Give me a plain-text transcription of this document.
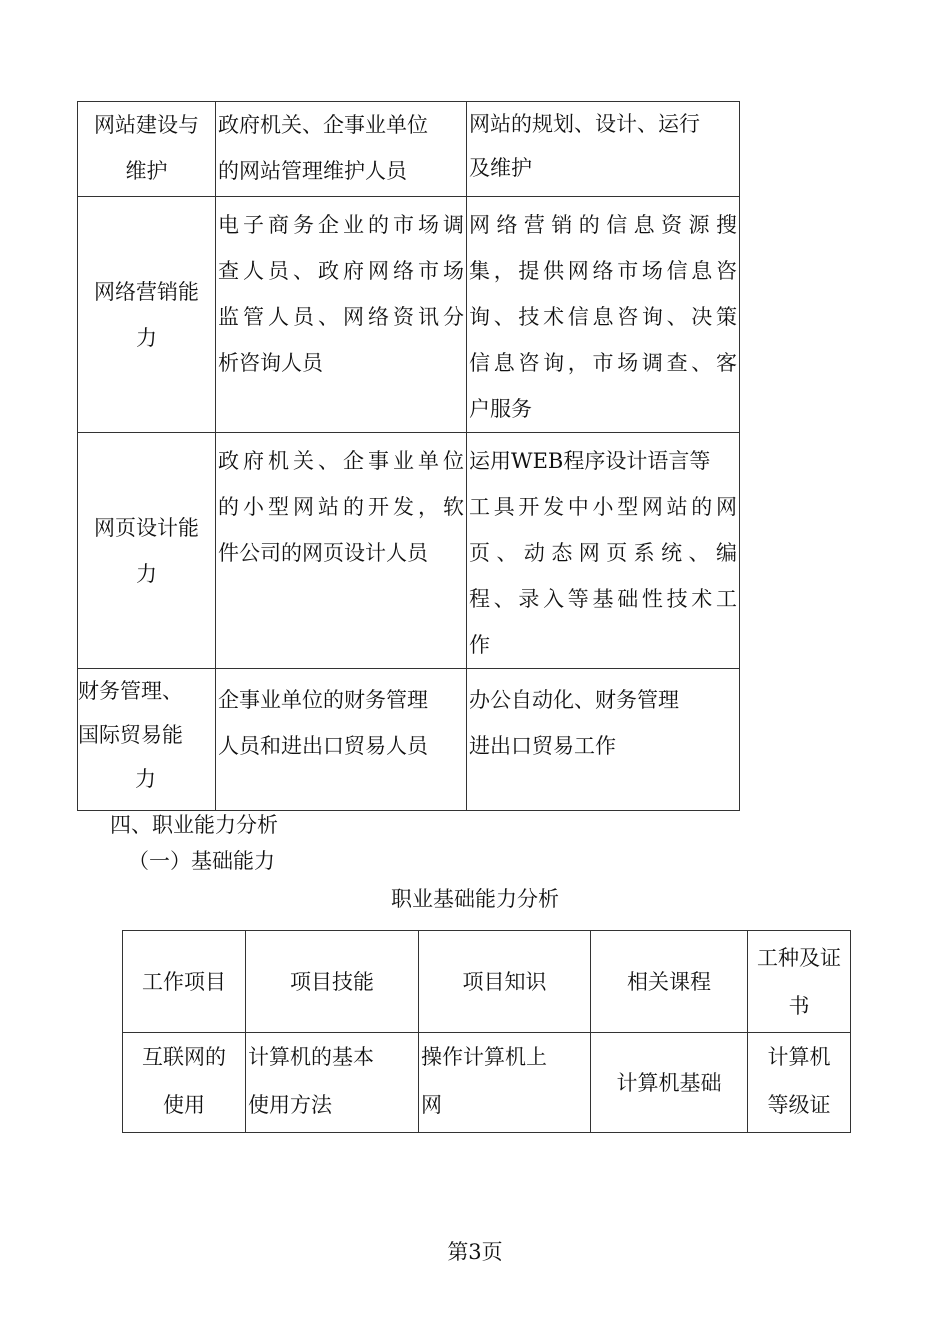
网站建设与
维护	政府机关、企事业单位
的网站管理维护人员	网站的规划、设计、运行
及维护

网络营销能
力	电子商务企业的市场调
查人员、政府网络市场
监管人员、网络资讯分
析咨询人员	网络营销的信息资源搜
集，提供网络市场信息咨
询、技术信息咨询、决策
信息咨询，市场调查、客
户服务

网页设计能
力	政府机关、企事业单位
的小型网站的开发，软
件公司的网页设计人员	运用WEB程序设计语言等
工具开发中小型网站的网
页、动态网页系统、编
程、录入等基础性技术工
作

财务管理、
国际贸易能
力	企事业单位的财务管理
人员和进出口贸易人员	办公自动化、财务管理
进出口贸易工作
四、职业能力分析
（一）基础能力
职业基础能力分析
工作项目	项目技能	项目知识	相关课程	工种及证
书

互联网的
使用	计算机的基本
使用方法	操作计算机上
网	计算机基础	计算机
等级证
第3页
